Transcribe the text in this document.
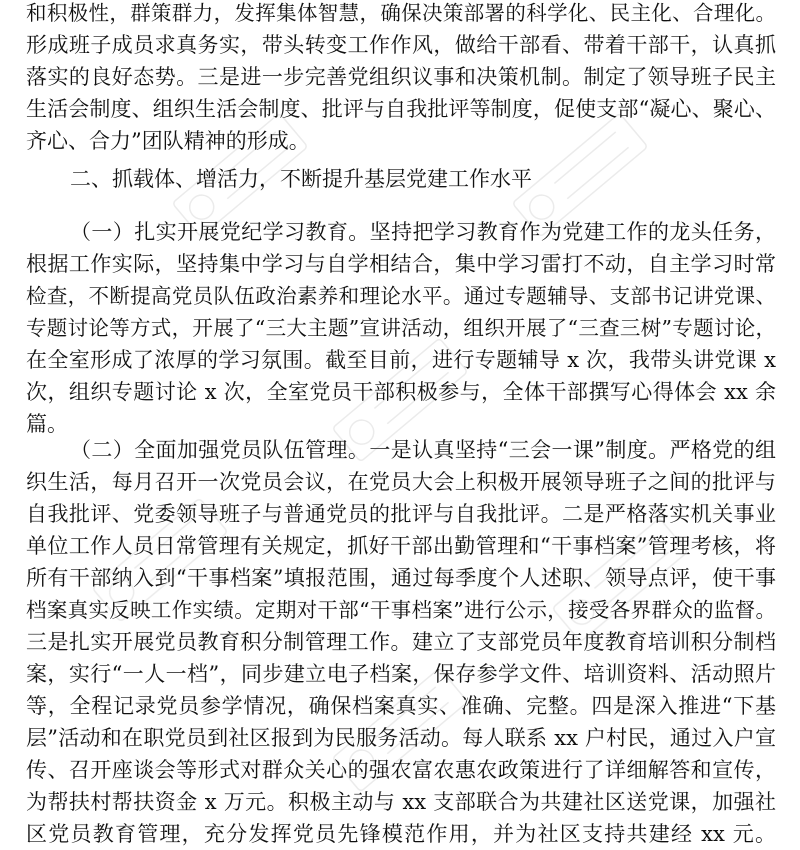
和积极性，群策群力，发挥集体智慧，确保决策部署的科学化、民主化、合理化。
形成班子成员求真务实，带头转变工作作风，做给干部看、带着干部干，认真抓
落实的良好态势。三是进一步完善党组织议事和决策机制。制定了领导班子民主
生活会制度、组织生活会制度、批评与自我批评等制度，促使支部“凝心、聚心、
齐心、合力”团队精神的形成。

二、抓载体、增活力，不断提升基层党建工作水平

（一）扎实开展党纪学习教育。坚持把学习教育作为党建工作的龙头任务，
根据工作实际，坚持集中学习与自学相结合，集中学习雷打不动，自主学习时常
检查，不断提高党员队伍政治素养和理论水平。通过专题辅导、支部书记讲党课、
专题讨论等方式，开展了“三大主题”宣讲活动，组织开展了“三查三树”专题讨论，
在全室形成了浓厚的学习氛围。截至目前，进行专题辅导 x 次，我带头讲党课 x
次，组织专题讨论 x 次，全室党员干部积极参与，全体干部撰写心得体会 xx 余
篇。
（二）全面加强党员队伍管理。一是认真坚持“三会一课”制度。严格党的组
织生活，每月召开一次党员会议，在党员大会上积极开展领导班子之间的批评与
自我批评、党委领导班子与普通党员的批评与自我批评。二是严格落实机关事业
单位工作人员日常管理有关规定，抓好干部出勤管理和“干事档案”管理考核，将
所有干部纳入到“干事档案”填报范围，通过每季度个人述职、领导点评，使干事
档案真实反映工作实绩。定期对干部“干事档案”进行公示，接受各界群众的监督。
三是扎实开展党员教育积分制管理工作。建立了支部党员年度教育培训积分制档
案，实行“一人一档”，同步建立电子档案，保存参学文件、培训资料、活动照片
等，全程记录党员参学情况，确保档案真实、准确、完整。四是深入推进“下基
层”活动和在职党员到社区报到为民服务活动。每人联系 xx 户村民，通过入户宣
传、召开座谈会等形式对群众关心的强农富农惠农政策进行了详细解答和宣传，
为帮扶村帮扶资金 x 万元。积极主动与 xx 支部联合为共建社区送党课，加强社
区党员教育管理，充分发挥党员先锋模范作用，并为社区支持共建经 xx 元。
